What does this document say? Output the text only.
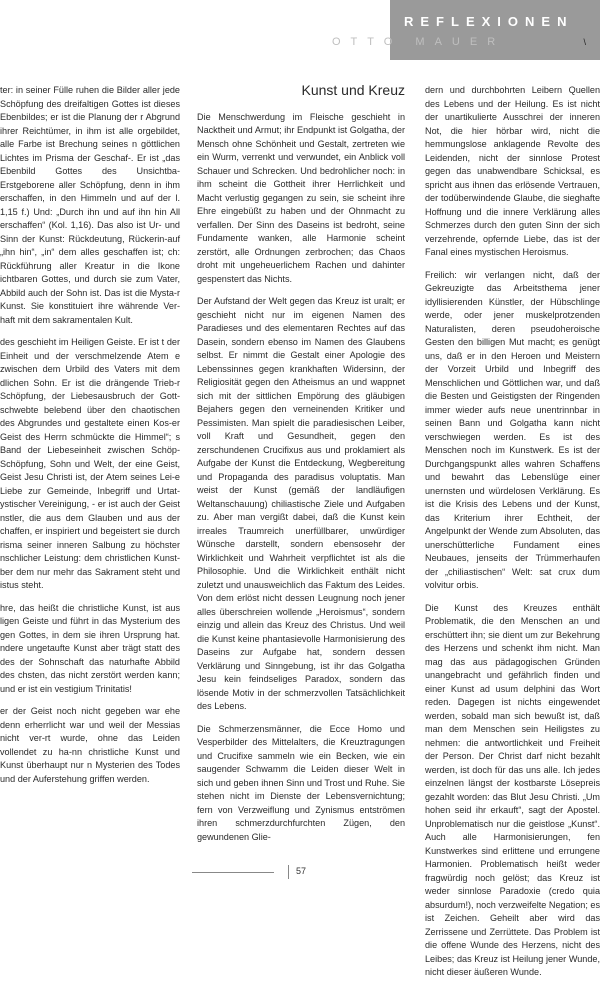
REFLEXIONEN
OTTO MAUER	\

ter: in seiner Fülle ruhen die Bilder aller jede Schöpfung des dreifaltigen Gottes ist dieses Ebenbildes; er ist die Planung der r Abgrund ihrer Reichtümer, in ihm ist alle orgebildet, alle Farbe ist Brechung seines n göttlichen Lichtes im Prisma der Geschaf-. Er ist „das Ebenbild Gottes des Unsichtba-Erstgeborene aller Schöpfung, denn in ihm erschaffen, in den Himmeln und auf der l. 1,15 f.) Und: „Durch ihn und auf ihn hin All erschaffen“ (Kol. 1,16). Das also ist Ur- und Sinn der Kunst: Rückdeutung, Rückerin-auf „ihn hin“, „in“ dem alles geschaffen ist; ch: Rückführung aller Kreatur in die Ikone ichtbaren Gottes, und durch sie zum Vater, Abbild auch der Sohn ist. Das ist die Mysta-r Kunst. Sie konstituiert ihre währende Ver-haft mit dem sakramentalen Kult.

des geschieht im Heiligen Geiste. Er ist t der Einheit und der verschmelzende Atem e zwischen dem Urbild des Vaters mit dem dlichen Sohn. Er ist die drängende Trieb-r Schöpfung, der Liebesausbruch der Gott-schwebte belebend über den chaotischen des Abgrundes und gestaltete einen Kos-er Geist des Herrn schmückte die Himmel“; s Band der Liebeseinheit zwischen Schöp-Schöpfung, Sohn und Welt, der eine Geist, Geist Jesu Christi ist, der Atem seines Lei-e Liebe zur Gemeinde, Inbegriff und Urtat-ystischer Vereinigung, - er ist auch der Geist nstler, die aus dem Glauben und aus der chaffen, er inspiriert und begeistert sie durch risma seiner inneren Salbung zu höchster nschlicher Leistung: dem christlichen Kunst-ber dem nur mehr das Sakrament steht und istus steht.

hre, das heißt die christliche Kunst, ist aus ligen Geiste und führt in das Mysterium des gen Gottes, in dem sie ihren Ursprung hat. ndere ungetaufte Kunst aber trägt statt des des der Sohnschaft das naturhafte Abbild des chsten, das nicht zerstört werden kann; und er ist ein vestigium Trinitatis!

er der Geist noch nicht gegeben war ehe denn erherrlicht war und weil der Messias nicht ver-rt wurde, ohne das Leiden vollendet zu ha-nn christliche Kunst und Kunst überhaupt nur n Mysterien des Todes und der Auferstehung griffen werden.

Kunst und Kreuz

Die Menschwerdung im Fleische geschieht in Nacktheit und Armut; ihr Endpunkt ist Golgatha, der Mensch ohne Schönheit und Gestalt, zertreten wie ein Wurm, verrenkt und verwundet, ein Anblick voll Schauer und Schrecken. Und bedrohlicher noch: in ihm scheint die Gottheit ihrer Herrlichkeit und Macht verlustig gegangen zu sein, sie scheint ihre Ehre eingebüßt zu haben und der Ohnmacht zu verfallen. Der Sinn des Daseins ist bedroht, seine Fundamente wanken, alle Harmonie scheint zerstört, alle Ordnungen zerbrochen; das Chaos droht mit ungeheuerlichem Rachen und dahinter gespenstert das Nichts.

Der Aufstand der Welt gegen das Kreuz ist uralt; er geschieht nicht nur im eigenen Namen des Paradieses und des elementaren Rechtes auf das Dasein, sondern ebenso im Namen des Glaubens selbst. Er nimmt die Gestalt einer Apologie des Lebenssinnes gegen krankhaften Widersinn, der Religiosität gegen den Atheismus an und wappnet sich mit der sittlichen Empörung des gläubigen Bejahers gegen den verneinenden Kritiker und Pessimisten. Man spielt die paradiesischen Leiber, voll Kraft und Gesundheit, gegen den zerschundenen Crucifixus aus und proklamiert als Aufgabe der Kunst die Entdeckung, Wegbereitung und Propaganda des paradisus voluptatis. Man weist der Kunst (gemäß der landläufigen Weltanschauung) chiliastische Ziele und Aufgaben zu. Aber man vergißt dabei, daß die Kunst kein irreales Traumreich unerfüllbarer, unwürdiger Wünsche darstellt, sondern ebensosehr der Wirklichkeit und Wahrheit verpflichtet ist als die Philosophie. Und die Wirklichkeit enthält nicht zuletzt und unausweichlich das Faktum des Leides. Von dem erlöst nicht dessen Leugnung noch jener alles überschreien wollende „Heroismus“, sondern einzig und allein das Kreuz des Christus. Und weil die Kunst keine phantasievolle Harmonisierung des Daseins zur Aufgabe hat, sondern dessen Verklärung und Sinngebung, ist ihr das Golgatha Jesu kein feindseliges Paradox, sondern das lösende Motiv in der schmerzvollen Tatsächlichkeit des Lebens.

Die Schmerzensmänner, die Ecce Homo und Vesperbilder des Mittelalters, die Kreuztragungen und Crucifixe sammeln wie ein Becken, wie ein saugender Schwamm die Leiden dieser Welt in sich und geben ihnen Sinn und Trost und Ruhe. Sie stehen nicht im Dienste der Lebensvernichtung; fern von Verzweiflung und Zynismus entströmen ihren schmerzdurchfurchten Zügen, den gewundenen Glie-

dern und durchbohrten Leibern Quellen des Lebens und der Heilung. Es ist nicht der unartikulierte Ausschrei der inneren Not, die hier hörbar wird, nicht die hemmungslose anklagende Revolte des Leidenden, nicht der sinnlose Protest gegen das unabwendbare Schicksal, es spricht aus ihnen das erlösende Vertrauen, der todüberwindende Glaube, die sieghafte Hoffnung und die innere Verklärung alles Schmerzes durch den guten Sinn der sich verzehrende, opfernde Liebe, das ist der Fanal eines mystischen Heroismus.

Freilich: wir verlangen nicht, daß der Gekreuzigte das Arbeitsthema jener idyllisierenden Künstler, der Hübschlinge werde, oder jener muskelprotzenden Naturalisten, deren pseudoheroische Gesten den billigen Mut macht; es genügt uns, daß er in den Heroen und Meistern der Vorzeit Urbild und Inbegriff des Menschlichen und Göttlichen war, und daß die Besten und Geistigsten der Ringenden immer wieder aufs neue unentrinnbar in seinen Bann und Golgatha kann nicht verschwiegen werden. Es ist des Menschen noch im Kunstwerk. Es ist der Durchgangspunkt alles wahren Schaffens und bewahrt das Lebenslüge einer unernsten und würdelosen Verklärung. Es ist die Krisis des Lebens und der Kunst, das Kriterium ihrer Echtheit, der Angelpunkt der Wende zum Absoluten, das unerschütterliche Fundament eines Neubaues, jenseits der Trümmerhaufen der „chiliastischen“ Welt: sat crux dum volvitur orbis.

Die Kunst des Kreuzes enthält Problematik, die den Menschen an und erschüttert ihn; sie dient um zur Bekehrung des Herzens und schenkt ihm nicht. Man mag das aus pädagogischen Gründen unangebracht und gefährlich finden und einer Kunst ad usum delphini das Wort reden. Dagegen ist nichts eingewendet werden, sobald man sich bewußt ist, daß man dem Menschen sein Heiligstes zu nehmen: die antwortlichkeit und Freiheit der Person. Der Christ darf nicht bezahlt werden, ist doch für das uns alle. Ich jedes einzelnen längst der kostbarste Lösepreis gezahlt worden: das Blut Jesu Christi. „Um hohen seid ihr erkauft“, sagt der Apostel. Unproblematisch nur die geistlose „Kunst“. Auch alle Harmonisierungen, fen Kunstwerkes sind erlittene und errungene Harmonien. Problematisch heißt weder fragwürdig noch gelöst; das Kreuz ist weder sinnlose Paradoxie (credo quia absurdum!), noch verzweifelte Negation; es ist Zeichen. Geheilt aber wird das Zerrissene und Zerrüttete. Das Problem ist die offene Wunde des Herzens, nicht des Leibes; das Kreuz ist Heilung jener Wunde, nicht dieser äußeren Wunde.

57
